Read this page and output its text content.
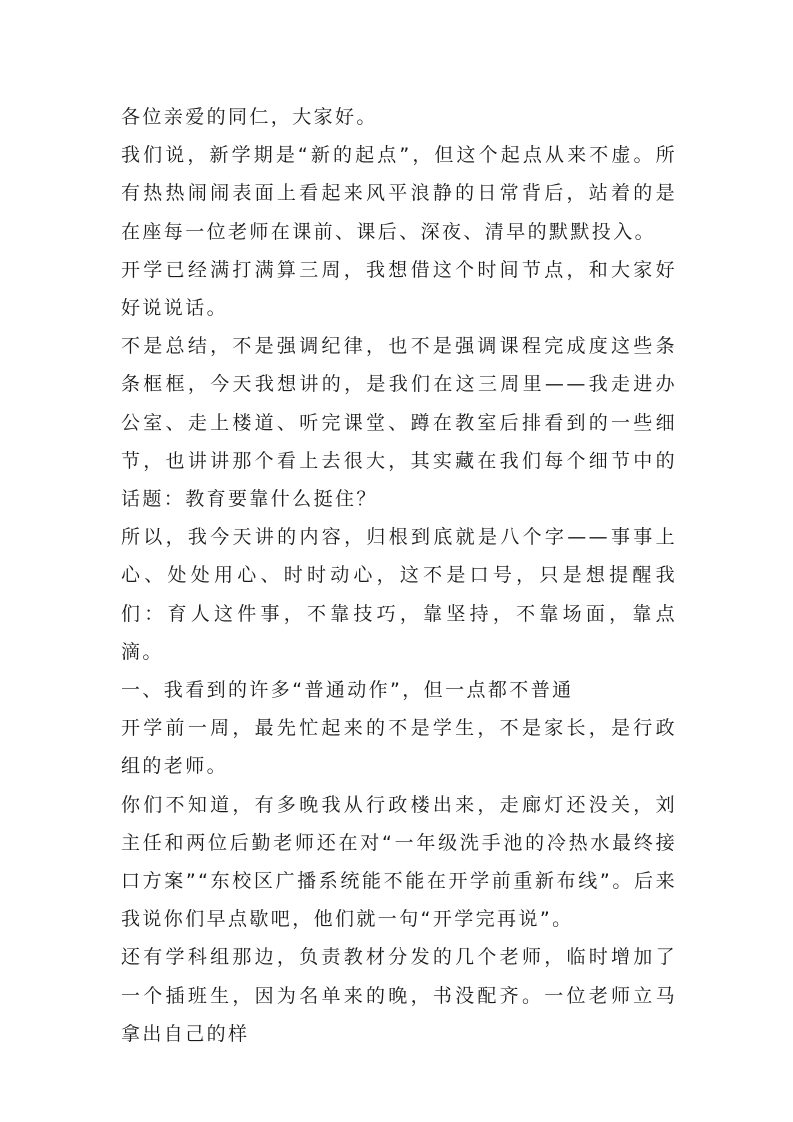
各位亲爱的同仁，大家好。

我们说，新学期是“新的起点”，但这个起点从来不虚。所有热热闹闹表面上看起来风平浪静的日常背后，站着的是在座每一位老师在课前、课后、深夜、清早的默默投入。

开学已经满打满算三周，我想借这个时间节点，和大家好好说说话。

不是总结，不是强调纪律，也不是强调课程完成度这些条条框框，今天我想讲的，是我们在这三周里——我走进办公室、走上楼道、听完课堂、蹲在教室后排看到的一些细节，也讲讲那个看上去很大，其实藏在我们每个细节中的话题：教育要靠什么挺住？

所以，我今天讲的内容，归根到底就是八个字——事事上心、处处用心、时时动心，这不是口号，只是想提醒我们：育人这件事，不靠技巧，靠坚持，不靠场面，靠点滴。

一、我看到的许多“普通动作”，但一点都不普通

开学前一周，最先忙起来的不是学生，不是家长，是行政组的老师。

你们不知道，有多晚我从行政楼出来，走廊灯还没关，刘主任和两位后勤老师还在对“一年级洗手池的冷热水最终接口方案”“东校区广播系统能不能在开学前重新布线”。后来我说你们早点歇吧，他们就一句“开学完再说”。

还有学科组那边，负责教材分发的几个老师，临时增加了一个插班生，因为名单来的晚，书没配齐。一位老师立马拿出自己的样
